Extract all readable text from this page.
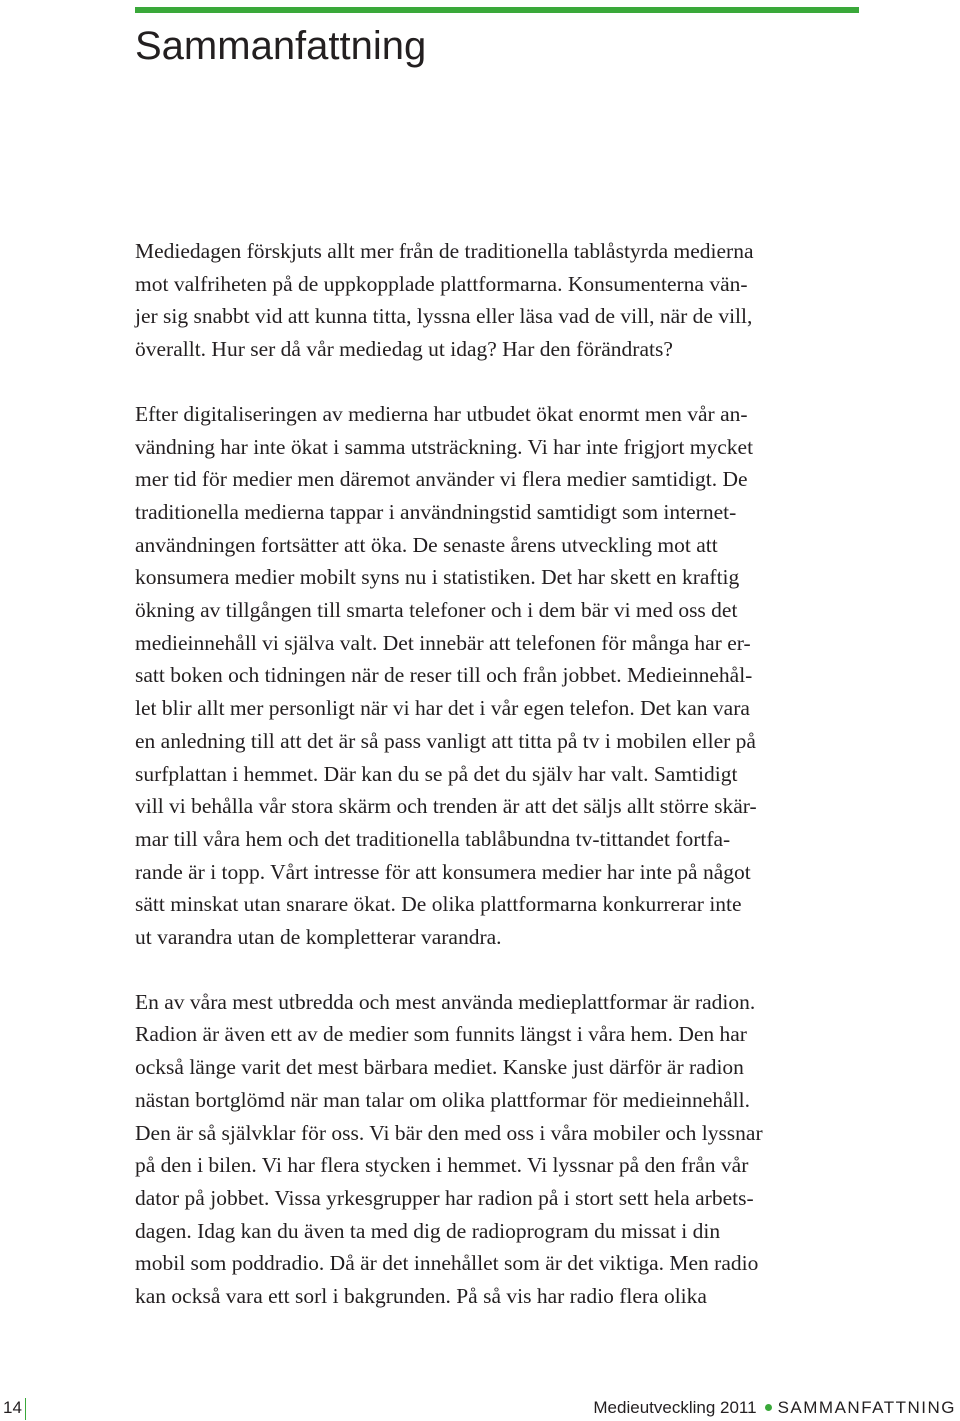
Sammanfattning

Mediedagen förskjuts allt mer från de traditionella tablåstyrda medierna
mot valfriheten på de uppkopplade plattformarna. Konsumenterna vän-
jer sig snabbt vid att kunna titta, lyssna eller läsa vad de vill, när de vill,
överallt. Hur ser då vår mediedag ut idag? Har den förändrats?

Efter digitaliseringen av medierna har utbudet ökat enormt men vår an-
vändning har inte ökat i samma utsträckning. Vi har inte frigjort mycket
mer tid för medier men däremot använder vi flera medier samtidigt. De
traditionella medierna tappar i användningstid samtidigt som internet-
användningen fortsätter att öka. De senaste årens utveckling mot att
konsumera medier mobilt syns nu i statistiken. Det har skett en kraftig
ökning av tillgången till smarta telefoner och i dem bär vi med oss det
medieinnehåll vi själva valt. Det innebär att telefonen för många har er-
satt boken och tidningen när de reser till och från jobbet. Medieinnehål-
let blir allt mer personligt när vi har det i vår egen telefon. Det kan vara
en anledning till att det är så pass vanligt att titta på tv i mobilen eller på
surfplattan i hemmet. Där kan du se på det du själv har valt. Samtidigt
vill vi behålla vår stora skärm och trenden är att det säljs allt större skär-
mar till våra hem och det traditionella tablåbundna tv-tittandet fortfa-
rande är i topp. Vårt intresse för att konsumera medier har inte på något
sätt minskat utan snarare ökat. De olika plattformarna konkurrerar inte
ut varandra utan de kompletterar varandra.

En av våra mest utbredda och mest använda medieplattformar är radion.
Radion är även ett av de medier som funnits längst i våra hem. Den har
också länge varit det mest bärbara mediet. Kanske just därför är radion
nästan bortglömd när man talar om olika plattformar för medieinnehåll.
Den är så självklar för oss. Vi bär den med oss i våra mobiler och lyssnar
på den i bilen. Vi har flera stycken i hemmet. Vi lyssnar på den från vår
dator på jobbet. Vissa yrkesgrupper har radion på i stort sett hela arbets-
dagen. Idag kan du även ta med dig de radioprogram du missat i din
mobil som poddradio. Då är det innehållet som är det viktiga. Men radio
kan också vara ett sorl i bakgrunden. På så vis har radio flera olika

14	Medieutveckling 2011 SAMMANFATTNING
